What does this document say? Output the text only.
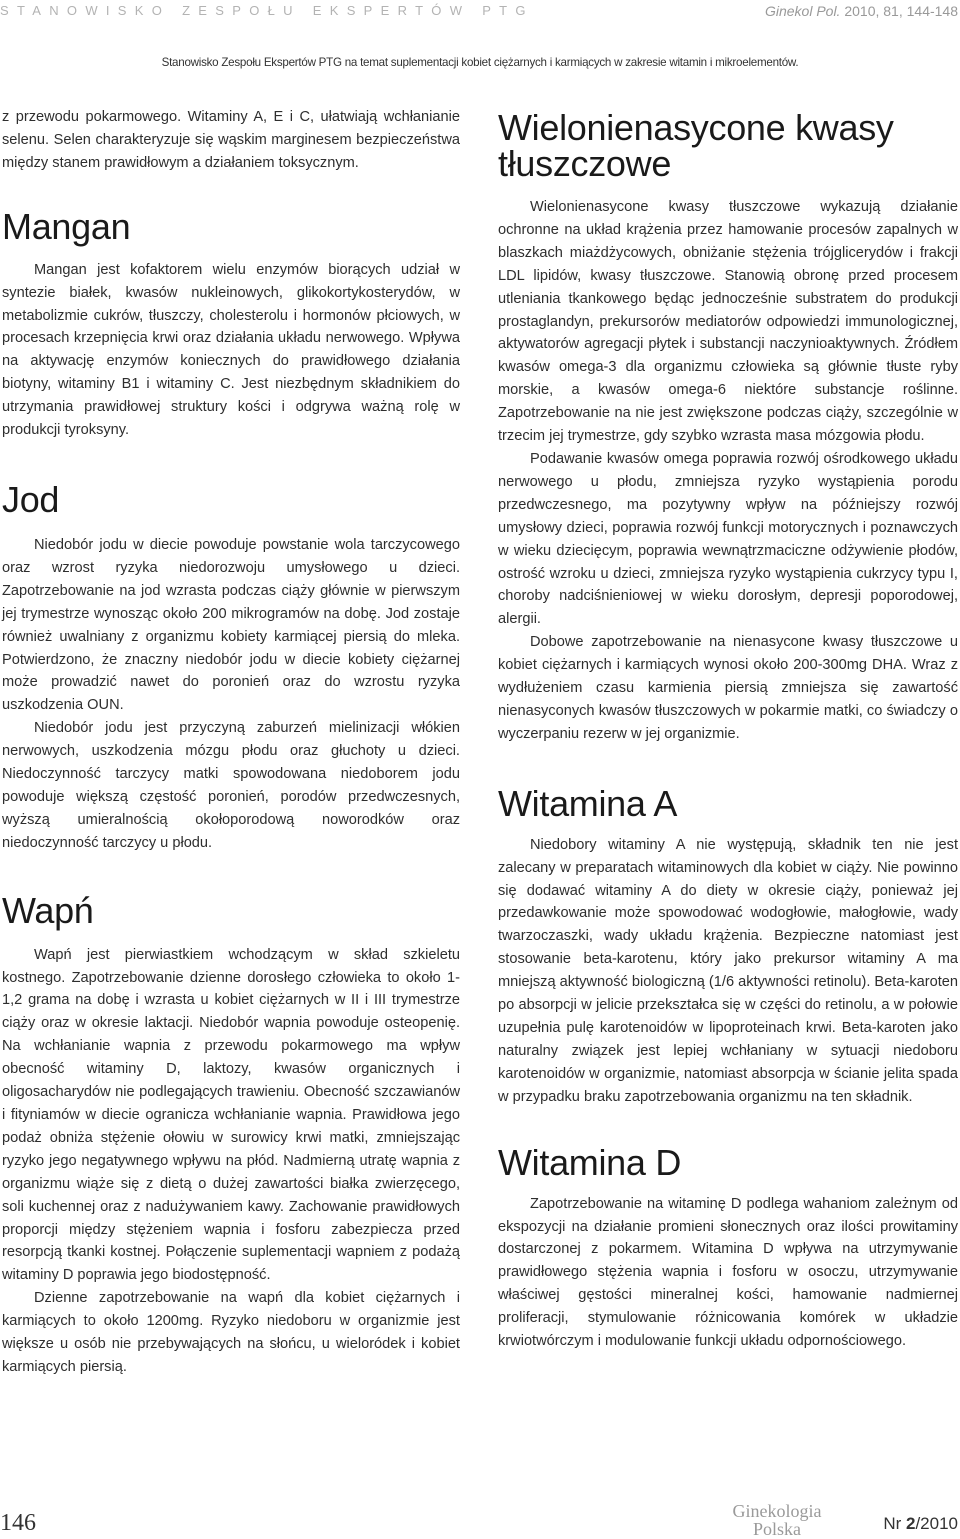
STANOWISKO ZESPOŁU EKSPERTÓW PTG	Ginekol Pol. 2010, 81, 144-148
Stanowisko Zespołu Ekspertów PTG na temat suplementacji kobiet ciężarnych i karmiących w zakresie witamin i mikroelementów.

z przewodu pokarmowego. Witaminy A, E i C, ułatwiają wchłanianie selenu. Selen charakteryzuje się wąskim marginesem bezpieczeństwa między stanem prawidłowym a działaniem toksycznym.

Mangan

Mangan jest kofaktorem wielu enzymów biorących udział w syntezie białek, kwasów nukleinowych, glikokortykosterydów, w metabolizmie cukrów, tłuszczy, cholesterolu i hormonów płciowych, w procesach krzepnięcia krwi oraz działania układu nerwowego. Wpływa na aktywację enzymów koniecznych do prawidłowego działania biotyny, witaminy B1 i witaminy C. Jest niezbędnym składnikiem do utrzymania prawidłowej struktury kości i odgrywa ważną rolę w produkcji tyroksyny.

Jod

Niedobór jodu w diecie powoduje powstanie wola tarczycowego oraz wzrost ryzyka niedorozwoju umysłowego u dzieci. Zapotrzebowanie na jod wzrasta podczas ciąży głównie w pierwszym jej trymestrze wynosząc około 200 mikrogramów na dobę. Jod zostaje również uwalniany z organizmu kobiety karmiącej piersią do mleka. Potwierdzono, że znaczny niedobór jodu w diecie kobiety ciężarnej może prowadzić nawet do poronień oraz do wzrostu ryzyka uszkodzenia OUN.

Niedobór jodu jest przyczyną zaburzeń mielinizacji włókien nerwowych, uszkodzenia mózgu płodu oraz głuchoty u dzieci. Niedoczynność tarczycy matki spowodowana niedoborem jodu powoduje większą częstość poronień, porodów przedwczesnych, wyższą umieralnością okołoporodową noworodków oraz niedoczynność tarczycy u płodu.

Wapń

Wapń jest pierwiastkiem wchodzącym w skład szkieletu kostnego. Zapotrzebowanie dzienne dorosłego człowieka to około 1-1,2 grama na dobę i wzrasta u kobiet ciężarnych w II i III trymestrze ciąży oraz w okresie laktacji. Niedobór wapnia powoduje osteopenię. Na wchłanianie wapnia z przewodu pokarmowego ma wpływ obecność witaminy D, laktozy, kwasów organicznych i oligosacharydów nie podlegających trawieniu. Obecność szczawianów i fityniamów w diecie ogranicza wchłanianie wapnia. Prawidłowa jego podaż obniża stężenie ołowiu w surowicy krwi matki, zmniejszając ryzyko jego negatywnego wpływu na płód. Nadmierną utratę wapnia z organizmu wiąże się z dietą o dużej zawartości białka zwierzęcego, soli kuchennej oraz z nadużywaniem kawy. Zachowanie prawidłowych proporcji między stężeniem wapnia i fosforu zabezpiecza przed resorpcją tkanki kostnej. Połączenie suplementacji wapniem z podażą witaminy D poprawia jego biodostępność.

Dzienne zapotrzebowanie na wapń dla kobiet ciężarnych i karmiących to około 1200mg. Ryzyko niedoboru w organizmie jest większe u osób nie przebywających na słońcu, u wieloródek i kobiet karmiących piersią.

Wielonienasycone kwasy tłuszczowe

Wielonienasycone kwasy tłuszczowe wykazują działanie ochronne na układ krążenia przez hamowanie procesów zapalnych w blaszkach miażdżycowych, obniżanie stężenia trójglicerydów i frakcji LDL lipidów, kwasy tłuszczowe. Stanowią obronę przed procesem utleniania tkankowego będąc jednocześnie substratem do produkcji prostaglandyn, prekursorów mediatorów odpowiedzi immunologicznej, aktywatorów agregacji płytek i substancji naczynioaktywnych. Źródłem kwasów omega-3 dla organizmu człowieka są głównie tłuste ryby morskie, a kwasów omega-6 niektóre substancje roślinne. Zapotrzebowanie na nie jest zwiększone podczas ciąży, szczególnie w trzecim jej trymestrze, gdy szybko wzrasta masa mózgowia płodu.

Podawanie kwasów omega poprawia rozwój ośrodkowego układu nerwowego u płodu, zmniejsza ryzyko wystąpienia porodu przedwczesnego, ma pozytywny wpływ na późniejszy rozwój umysłowy dzieci, poprawia rozwój funkcji motorycznych i poznawczych w wieku dziecięcym, poprawia wewnątrzmaciczne odżywienie płodów, ostrość wzroku u dzieci, zmniejsza ryzyko wystąpienia cukrzycy typu I, choroby nadciśnieniowej w wieku dorosłym, depresji poporodowej, alergii.

Dobowe zapotrzebowanie na nienasycone kwasy tłuszczowe u kobiet ciężarnych i karmiących wynosi około 200-300mg DHA. Wraz z wydłużeniem czasu karmienia piersią zmniejsza się zawartość nienasyconych kwasów tłuszczowych w pokarmie matki, co świadczy o wyczerpaniu rezerw w jej organizmie.

Witamina A

Niedobory witaminy A nie występują, składnik ten nie jest zalecany w preparatach witaminowych dla kobiet w ciąży. Nie powinno się dodawać witaminy A do diety w okresie ciąży, ponieważ jej przedawkowanie może spowodować wodogłowie, małogłowie, wady twarzoczaszki, wady układu krążenia. Bezpieczne natomiast jest stosowanie beta-karotenu, który jako prekursor witaminy A ma mniejszą aktywność biologiczną (1/6 aktywności retinolu). Beta-karoten po absorpcji w jelicie przekształca się w części do retinolu, a w połowie uzupełnia pulę karotenoidów w lipoproteinach krwi. Beta-karoten jako naturalny związek jest lepiej wchłaniany w sytuacji niedoboru karotenoidów w organizmie, natomiast absorpcja w ścianie jelita spada w przypadku braku zapotrzebowania organizmu na ten składnik.

Witamina D

Zapotrzebowanie na witaminę D podlega wahaniom zależnym od ekspozycji na działanie promieni słonecznych oraz ilości prowitaminy dostarczonej z pokarmem. Witamina D wpływa na utrzymywanie prawidłowego stężenia wapnia i fosforu w osoczu, utrzymywanie właściwej gęstości mineralnej kości, hamowanie nadmiernej proliferacji, stymulowanie różnicowania komórek w układzie krwiotwórczym i modulowanie funkcji układu odpornościowego.

146	Ginekologia
Polska	Nr 2/2010
